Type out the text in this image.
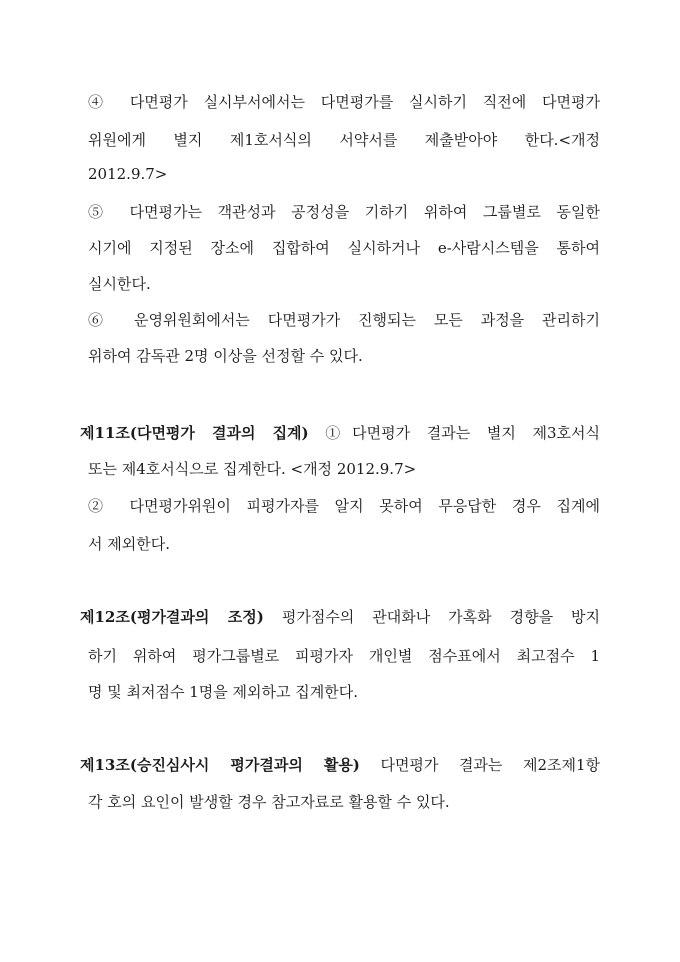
④ 다면평가 실시부서에서는 다면평가를 실시하기 직전에 다면평가
위원에게 별지 제1호서식의 서약서를 제출받아야 한다.<개정
2012.9.7>
⑤ 다면평가는 객관성과 공정성을 기하기 위하여 그룹별로 동일한
시기에 지정된 장소에 집합하여 실시하거나 e-사람시스템을 통하여
실시한다.
⑥ 운영위원회에서는 다면평가가 진행되는 모든 과정을 관리하기
위하여 감독관 2명 이상을 선정할 수 있다.
제11조(다면평가 결과의 집계) ①다면평가 결과는 별지 제3호서식
또는 제4호서식으로 집계한다. <개정 2012.9.7>
② 다면평가위원이 피평가자를 알지 못하여 무응답한 경우 집계에
서 제외한다.
제12조(평가결과의 조정) 평가점수의 관대화나 가혹화 경향을 방지
하기 위하여 평가그룹별로 피평가자 개인별 점수표에서 최고점수 1
명 및 최저점수 1명을 제외하고 집계한다.
제13조(승진심사시 평가결과의 활용) 다면평가 결과는 제2조제1항
각 호의 요인이 발생할 경우 참고자료로 활용할 수 있다.
